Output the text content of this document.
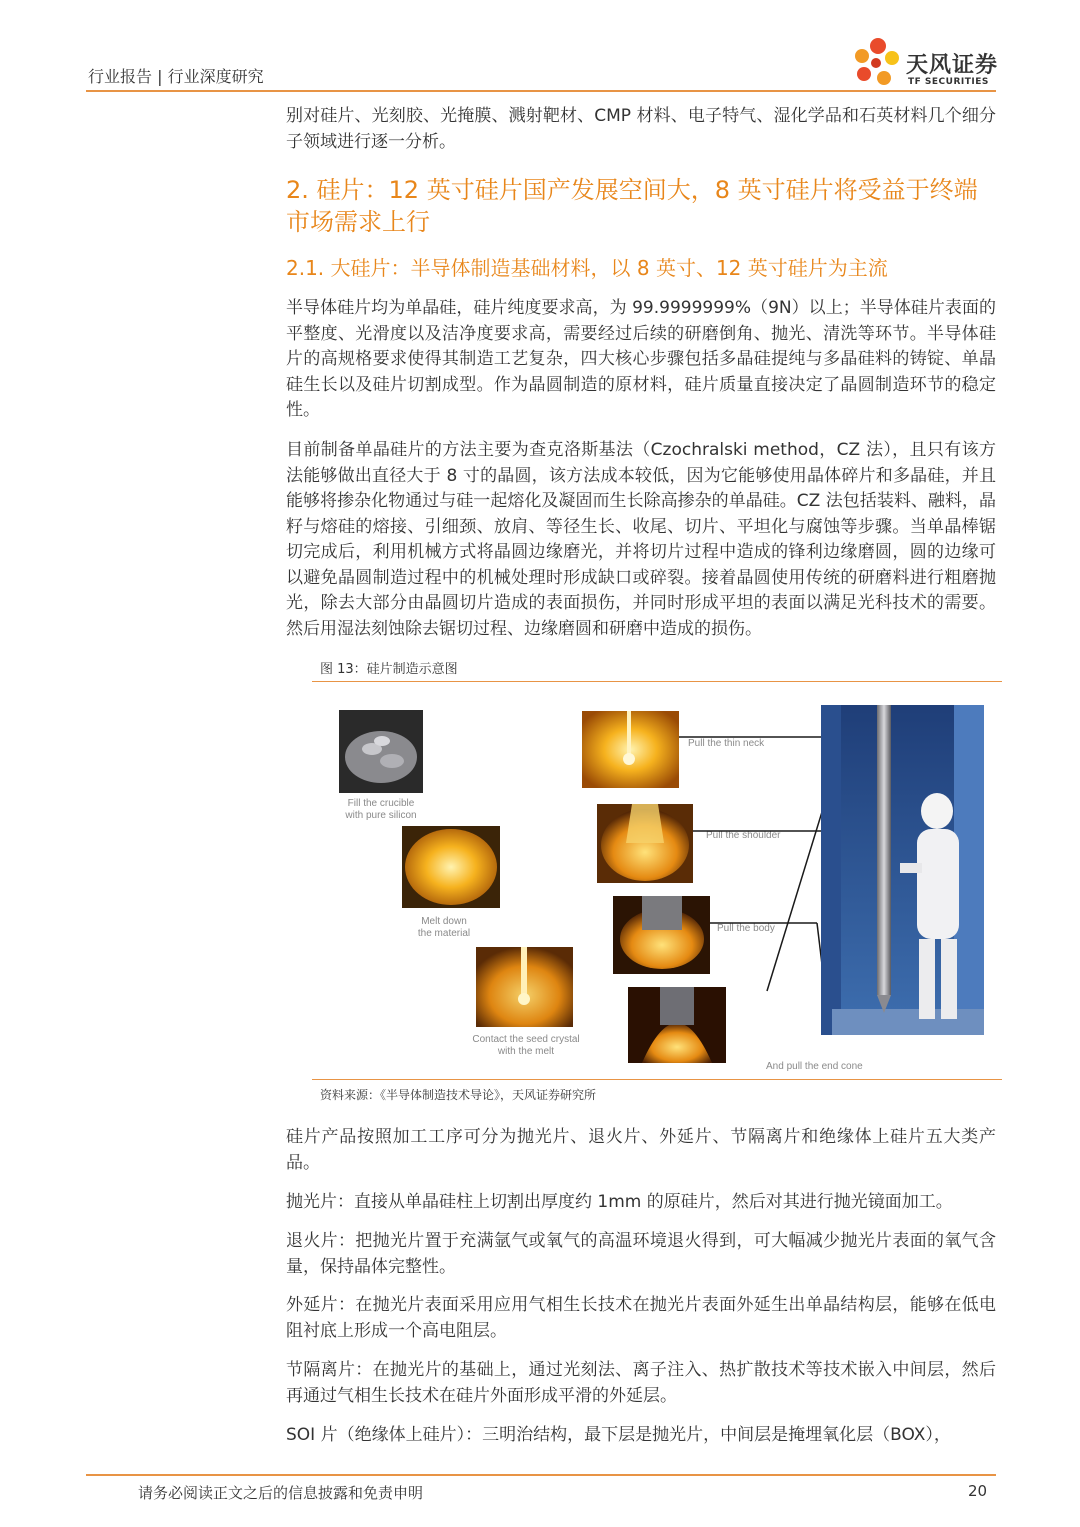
行业报告 | 行业深度研究	天风证券
TF SECURITIES
别对硅片、光刻胶、光掩膜、溅射靶材、CMP 材料、电子特气、湿化学品和石英材料几个细分子领域进行逐一分析。
2. 硅片：12 英寸硅片国产发展空间大，8 英寸硅片将受益于终端市场需求上行
2.1. 大硅片：半导体制造基础材料，以 8 英寸、12 英寸硅片为主流
半导体硅片均为单晶硅，硅片纯度要求高，为 99.9999999%（9N）以上；半导体硅片表面的平整度、光滑度以及洁净度要求高，需要经过后续的研磨倒角、抛光、清洗等环节。半导体硅片的高规格要求使得其制造工艺复杂，四大核心步骤包括多晶硅提纯与多晶硅料的铸锭、单晶硅生长以及硅片切割成型。作为晶圆制造的原材料，硅片质量直接决定了晶圆制造环节的稳定性。
目前制备单晶硅片的方法主要为查克洛斯基法（Czochralski method，CZ 法），且只有该方法能够做出直径大于 8 寸的晶圆，该方法成本较低，因为它能够使用晶体碎片和多晶硅，并且能够将掺杂化物通过与硅一起熔化及凝固而生长除高掺杂的单晶硅。CZ 法包括装料、融料，晶籽与熔硅的熔接、引细颈、放肩、等径生长、收尾、切片、平坦化与腐蚀等步骤。当单晶棒锯切完成后，利用机械方式将晶圆边缘磨光，并将切片过程中造成的锋利边缘磨圆，圆的边缘可以避免晶圆制造过程中的机械处理时形成缺口或碎裂。接着晶圆使用传统的研磨料进行粗磨抛光，除去大部分由晶圆切片造成的表面损伤，并同时形成平坦的表面以满足光科技术的需要。然后用湿法刻蚀除去锯切过程、边缘磨圆和研磨中造成的损伤。
图 13：硅片制造示意图
Fill the crucible
with pure silicon
Melt down
the material
Contact the seed crystal
with the melt
Pull the thin neck
Pull the shoulder
Pull the body
And pull the end cone
资料来源：《半导体制造技术导论》，天风证券研究所
硅片产品按照加工工序可分为抛光片、退火片、外延片、节隔离片和绝缘体上硅片五大类产品。
抛光片：直接从单晶硅柱上切割出厚度约 1mm 的原硅片，然后对其进行抛光镜面加工。
退火片：把抛光片置于充满氩气或氧气的高温环境退火得到，可大幅减少抛光片表面的氧气含量，保持晶体完整性。
外延片：在抛光片表面采用应用气相生长技术在抛光片表面外延生出单晶结构层，能够在低电阻衬底上形成一个高电阻层。
节隔离片：在抛光片的基础上，通过光刻法、离子注入、热扩散技术等技术嵌入中间层，然后再通过气相生长技术在硅片外面形成平滑的外延层。
SOI 片（绝缘体上硅片）：三明治结构，最下层是抛光片，中间层是掩埋氧化层（BOX），
请务必阅读正文之后的信息披露和免责申明	20
